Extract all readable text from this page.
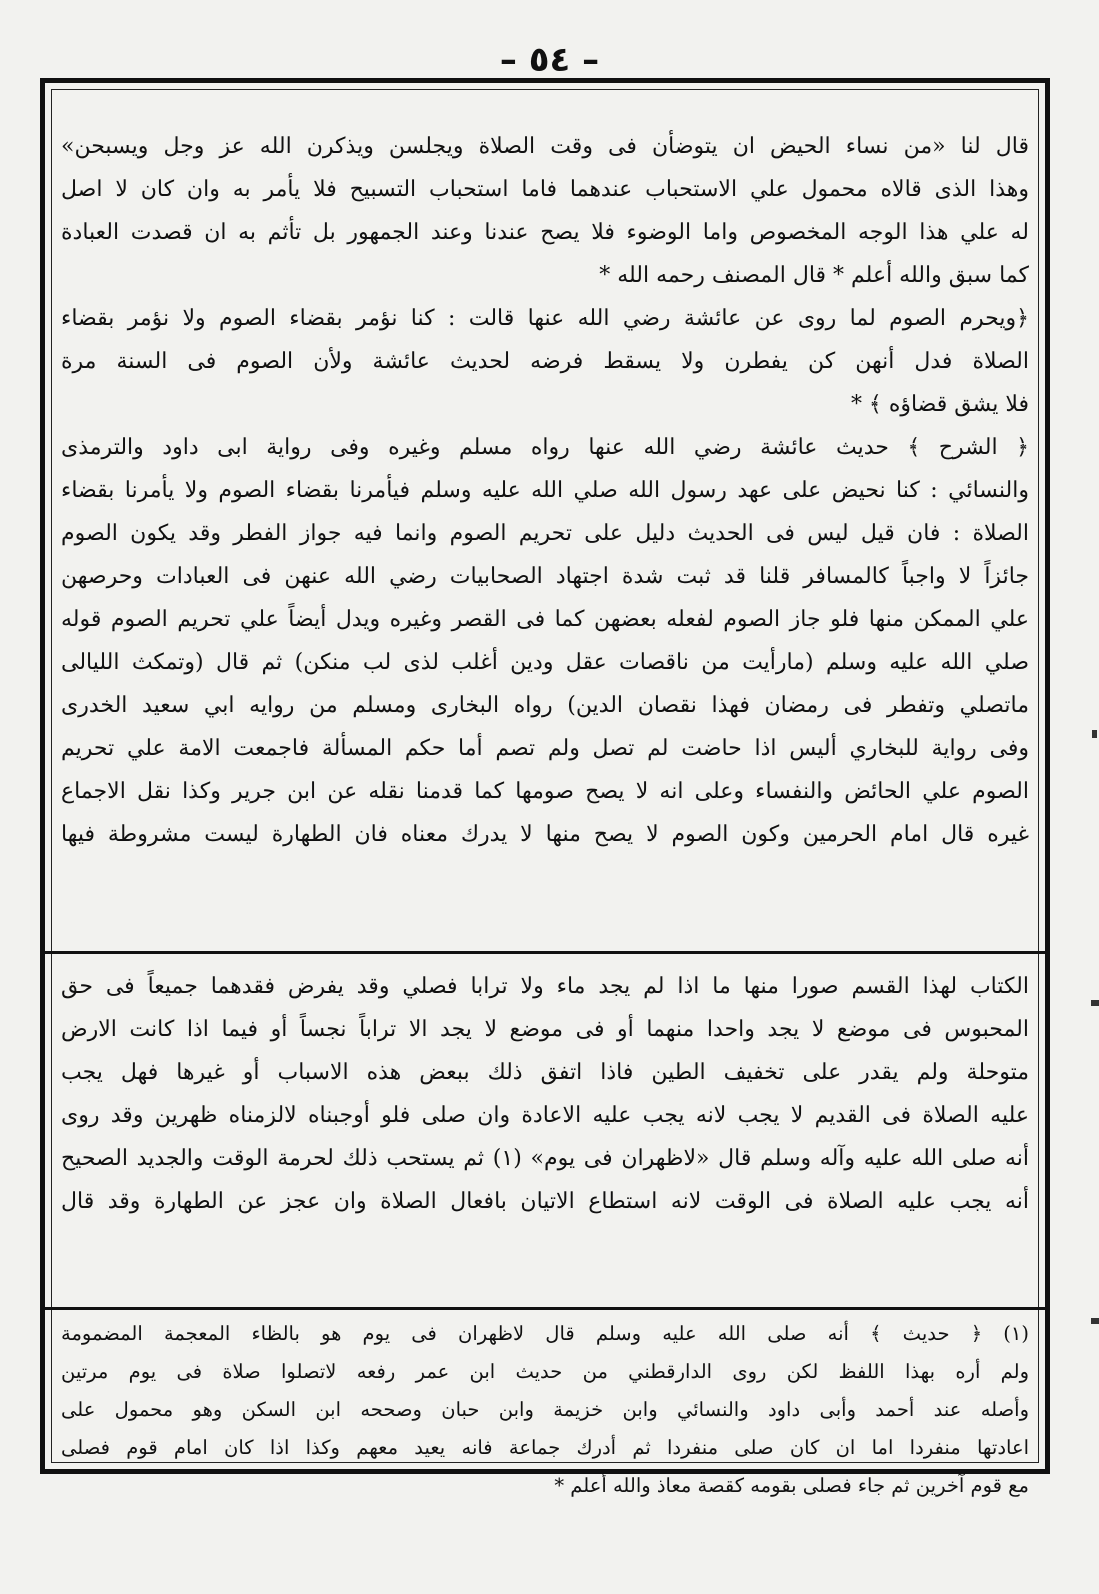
– ٥٤ –
قال لنا «من نساء الحيض ان يتوضأن فى وقت الصلاة ويجلسن ويذكرن الله عز وجل ويسبحن»
وهذا الذى قالاه محمول علي الاستحباب عندهما فاما استحباب التسبيح فلا يأمر به وان كان لا اصل
له علي هذا الوجه المخصوص واما الوضوء فلا يصح عندنا وعند الجمهور بل تأثم به ان قصدت العبادة
كما سبق والله أعلم * قال المصنف رحمه الله *
﴿ويحرم الصوم لما روى عن عائشة رضي الله عنها قالت : كنا نؤمر بقضاء الصوم ولا نؤمر بقضاء
الصلاة فدل أنهن كن يفطرن ولا يسقط فرضه لحديث عائشة ولأن الصوم فى السنة مرة
فلا يشق قضاؤه ﴾ *
﴿ الشرح ﴾ حديث عائشة رضي الله عنها رواه مسلم وغيره وفى رواية ابى داود والترمذى
والنسائي : كنا نحيض على عهد رسول الله صلي الله عليه وسلم فيأمرنا بقضاء الصوم ولا يأمرنا بقضاء
الصلاة : فان قيل ليس فى الحديث دليل على تحريم الصوم وانما فيه جواز الفطر وقد يكون الصوم
جائزاً لا واجباً كالمسافر قلنا قد ثبت شدة اجتهاد الصحابيات رضي الله عنهن فى العبادات وحرصهن
علي الممكن منها فلو جاز الصوم لفعله بعضهن كما فى القصر وغيره ويدل أيضاً علي تحريم الصوم قوله
صلي الله عليه وسلم (مارأيت من ناقصات عقل ودين أغلب لذى لب منكن) ثم قال (وتمكث الليالى
ماتصلي وتفطر فى رمضان فهذا نقصان الدين) رواه البخارى ومسلم من روايه ابي سعيد الخدرى
وفى رواية للبخاري أليس اذا حاضت لم تصل ولم تصم أما حكم المسألة فاجمعت الامة علي تحريم
الصوم علي الحائض والنفساء وعلى انه لا يصح صومها كما قدمنا نقله عن ابن جرير وكذا نقل الاجماع
غيره قال امام الحرمين وكون الصوم لا يصح منها لا يدرك معناه فان الطهارة ليست مشروطة فيها
الكتاب لهذا القسم صورا منها ما اذا لم يجد ماء ولا ترابا فصلي وقد يفرض فقدهما جميعاً فى حق
المحبوس فى موضع لا يجد واحدا منهما أو فى موضع لا يجد الا تراباً نجساً أو فيما اذا كانت الارض
متوحلة ولم يقدر على تخفيف الطين فاذا اتفق ذلك ببعض هذه الاسباب أو غيرها فهل يجب
عليه الصلاة فى القديم لا يجب لانه يجب عليه الاعادة وان صلى فلو أوجبناه لالزمناه ظهرين وقد روى
أنه صلى الله عليه وآله وسلم قال «لاظهران فى يوم» (١) ثم يستحب ذلك لحرمة الوقت والجديد الصحيح
أنه يجب عليه الصلاة فى الوقت لانه استطاع الاتيان بافعال الصلاة وان عجز عن الطهارة وقد قال
(١) ﴿ حديث ﴾ أنه صلى الله عليه وسلم قال لاظهران فى يوم هو بالظاء المعجمة المضمومة
ولم أره بهذا اللفظ لكن روى الدارقطني من حديث ابن عمر رفعه لاتصلوا صلاة فى يوم مرتين
وأصله عند أحمد وأبى داود والنسائي وابن خزيمة وابن حبان وصححه ابن السكن وهو محمول على
اعادتها منفردا اما ان كان صلى منفردا ثم أدرك جماعة فانه يعيد معهم وكذا اذا كان امام قوم فصلى
مع قوم آخرين ثم جاء فصلى بقومه كقصة معاذ والله أعلم *
